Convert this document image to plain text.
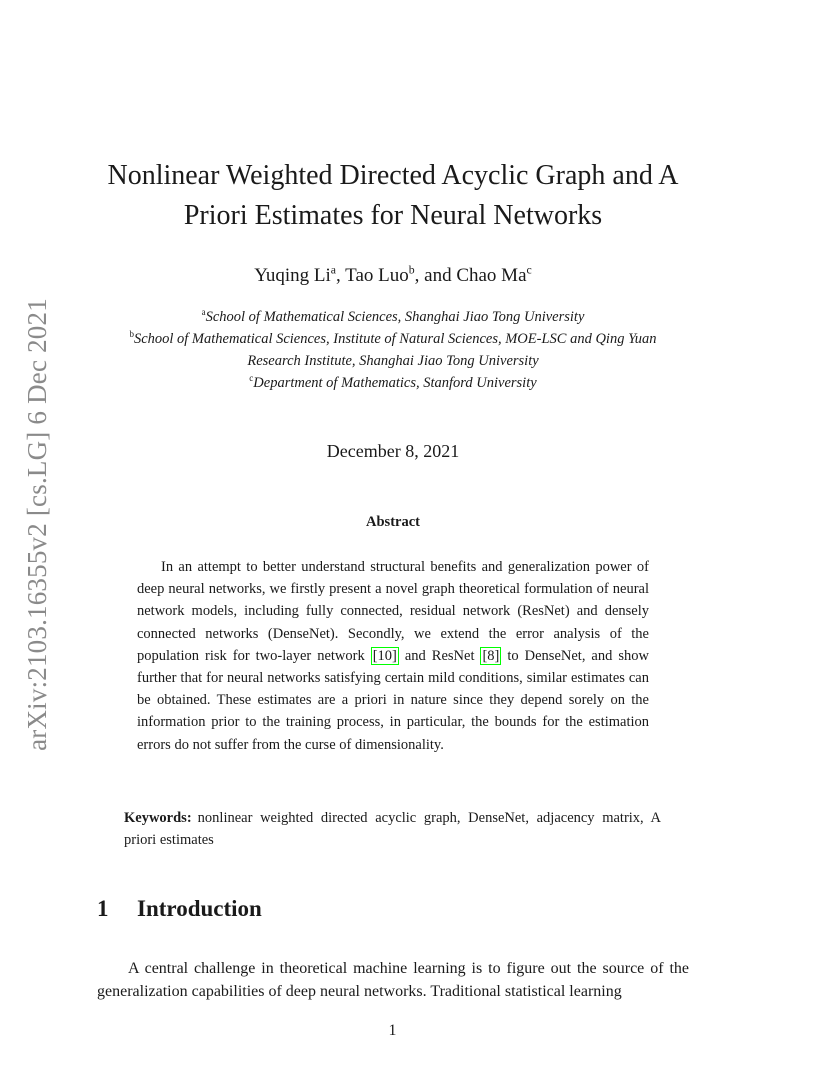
arXiv:2103.16355v2 [cs.LG] 6 Dec 2021
Nonlinear Weighted Directed Acyclic Graph and A
Priori Estimates for Neural Networks
Yuqing Li$^a$, Tao Luo$^b$, and Chao Ma$^c$
$^a$School of Mathematical Sciences, Shanghai Jiao Tong University
$^b$School of Mathematical Sciences, Institute of Natural Sciences, MOE-LSC and Qing Yuan
Research Institute, Shanghai Jiao Tong University
$^c$Department of Mathematics, Stanford University
December 8, 2021
Abstract

In an attempt to better understand structural benefits and generalization power of deep neural networks, we firstly present a novel graph theoretical formulation of neural network models, including fully connected, residual network (ResNet) and densely connected networks (DenseNet). Secondly, we extend the error analysis of the population risk for two-layer network [10] and ResNet [8] to DenseNet, and show further that for neural networks satisfying certain mild conditions, similar estimates can be obtained. These estimates are a priori in nature since they depend sorely on the information prior to the training process, in particular, the bounds for the estimation errors do not suffer from the curse of dimensionality.

Keywords: nonlinear weighted directed acyclic graph, DenseNet, adjacency matrix, A priori estimates

1 Introduction

A central challenge in theoretical machine learning is to figure out the source of the generalization capabilities of deep neural networks. Traditional statistical learning

1
